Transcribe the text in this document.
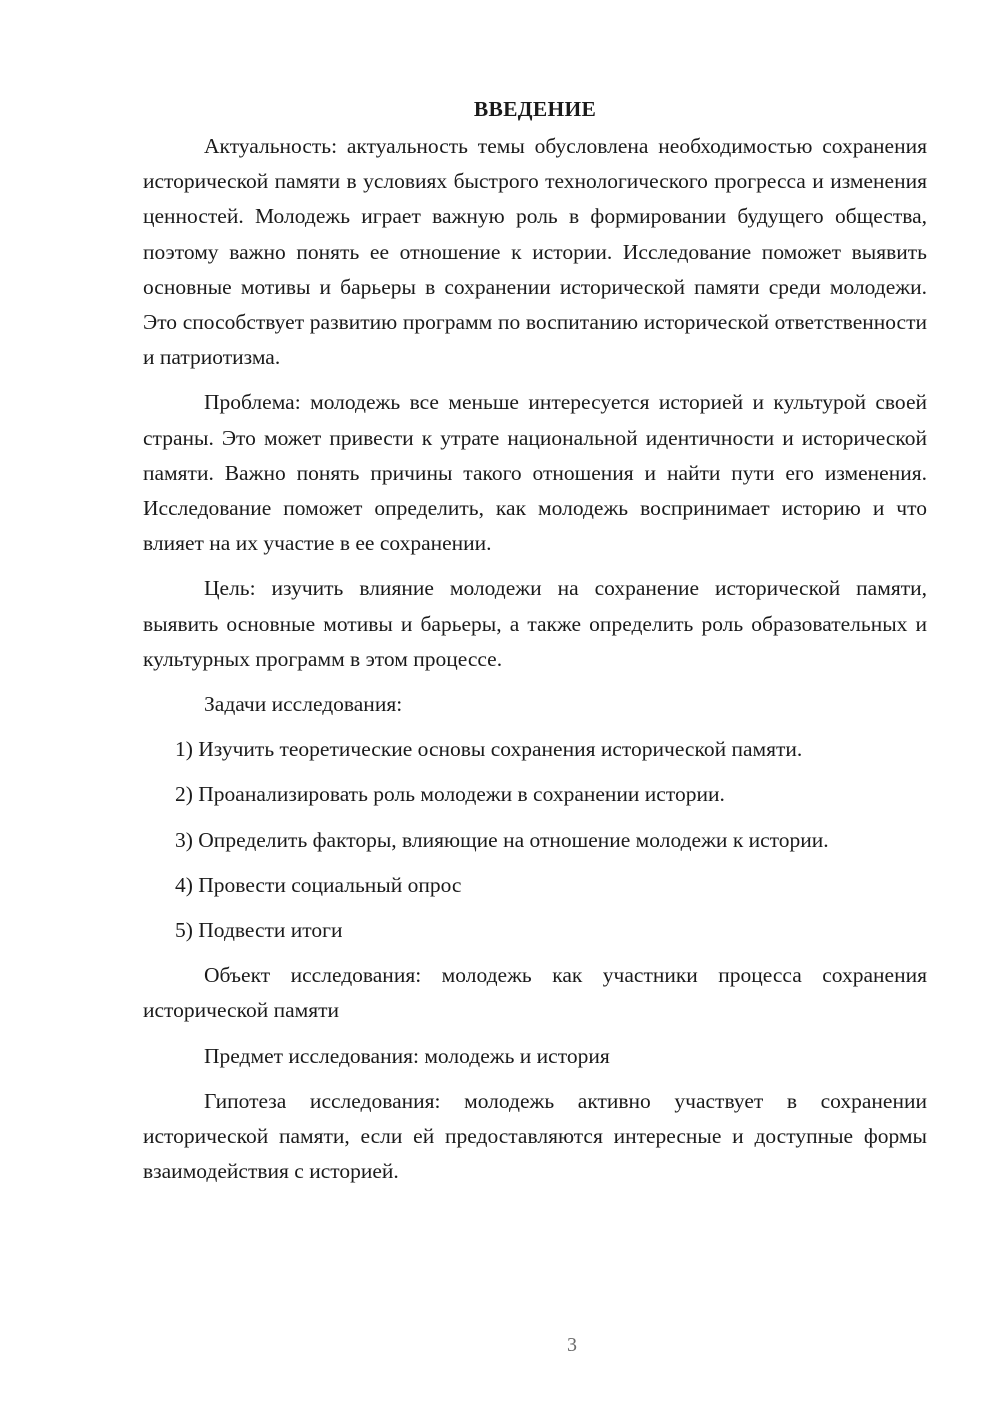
ВВЕДЕНИЕ

Актуальность: актуальность темы обусловлена необходимостью сохранения исторической памяти в условиях быстрого технологического прогресса и изменения ценностей. Молодежь играет важную роль в формировании будущего общества, поэтому важно понять ее отношение к истории. Исследование поможет выявить основные мотивы и барьеры в сохранении исторической памяти среди молодежи. Это способствует развитию программ по воспитанию исторической ответственности и патриотизма.

Проблема: молодежь все меньше интересуется историей и культурой своей страны. Это может привести к утрате национальной идентичности и исторической памяти. Важно понять причины такого отношения и найти пути его изменения. Исследование поможет определить, как молодежь воспринимает историю и что влияет на их участие в ее сохранении.

Цель: изучить влияние молодежи на сохранение исторической памяти, выявить основные мотивы и барьеры, а также определить роль образовательных и культурных программ в этом процессе.

Задачи исследования:

1) Изучить теоретические основы сохранения исторической памяти.

2) Проанализировать роль молодежи в сохранении истории.

3) Определить факторы, влияющие на отношение молодежи к истории.

4) Провести социальный опрос

5) Подвести итоги

Объект исследования: молодежь как участники процесса сохранения исторической памяти

Предмет исследования: молодежь и история

Гипотеза исследования: молодежь активно участвует в сохранении исторической памяти, если ей предоставляются интересные и доступные формы взаимодействия с историей.

3
